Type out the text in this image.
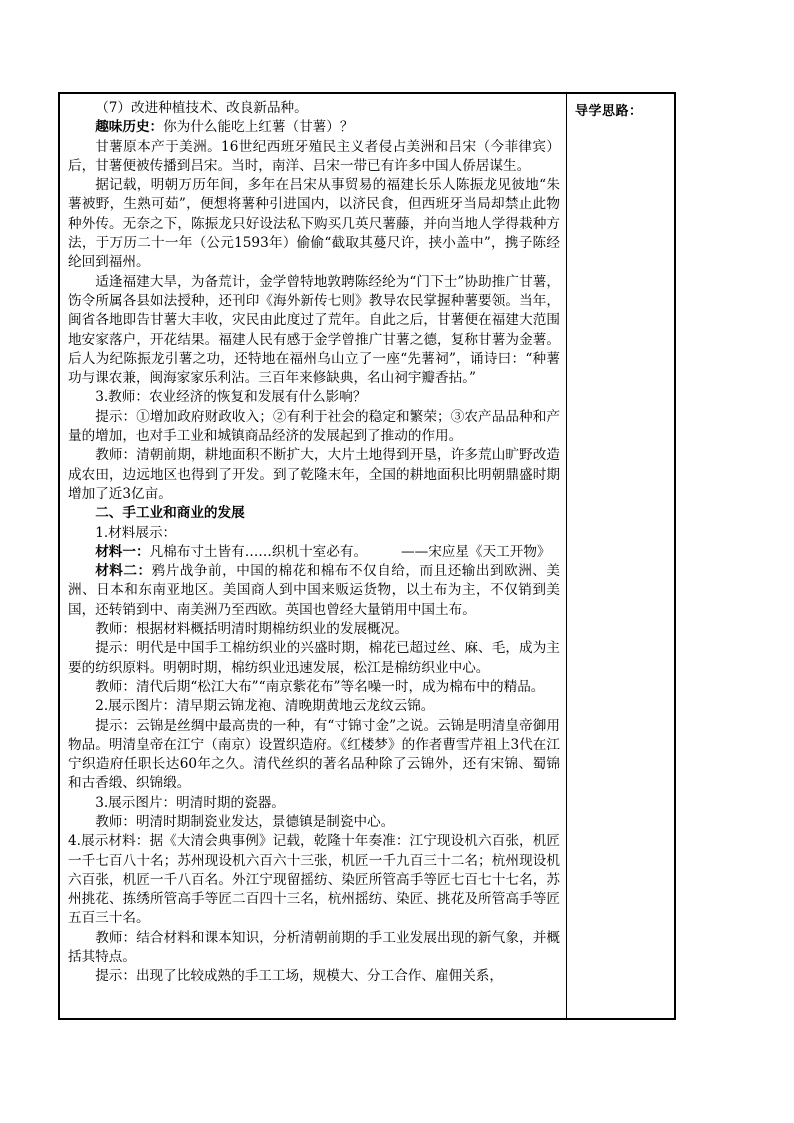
（7）改进种植技术、改良新品种。

趣味历史：你为什么能吃上红薯（甘薯）？

甘薯原本产于美洲。16世纪西班牙殖民主义者侵占美洲和吕宋（今菲律宾）后，甘薯便被传播到吕宋。当时，南洋、吕宋一带已有许多中国人侨居谋生。

据记载，明朝万历年间，多年在吕宋从事贸易的福建长乐人陈振龙见彼地“朱薯被野，生熟可茹”，便想将薯种引进国内，以济民食，但西班牙当局却禁止此物种外传。无奈之下，陈振龙只好设法私下购买几英尺薯藤，并向当地人学得栽种方法，于万历二十一年（公元1593年）偷偷“截取其蔓尺许，挟小盖中”，携子陈经纶回到福州。

适逢福建大旱，为备荒计，金学曾特地敦聘陈经纶为“门下士”协助推广甘薯，饬令所属各县如法授种，还刊印《海外新传七则》教导农民掌握种薯要领。当年，闽省各地即告甘薯大丰收，灾民由此度过了荒年。自此之后，甘薯便在福建大范围地安家落户，开花结果。福建人民有感于金学曾推广甘薯之德，复称甘薯为金薯。后人为纪陈振龙引薯之功，还特地在福州乌山立了一座“先薯祠”，诵诗曰：“种薯功与课农兼，闽海家家乐利沾。三百年来修缺典，名山祠宇瓣香拈。”

3.教师：农业经济的恢复和发展有什么影响？

提示：①增加政府财政收入；②有利于社会的稳定和繁荣；③农产品品种和产量的增加，也对手工业和城镇商品经济的发展起到了推动的作用。

教师：清朝前期，耕地面积不断扩大，大片土地得到开垦，许多荒山旷野改造成农田，边远地区也得到了开发。到了乾隆末年，全国的耕地面积比明朝鼎盛时期增加了近3亿亩。

二、手工业和商业的发展

1.材料展示：

材料一：凡棉布寸土皆有……织机十室必有。　　　——宋应星《天工开物》

材料二：鸦片战争前，中国的棉花和棉布不仅自给，而且还输出到欧洲、美洲、日本和东南亚地区。美国商人到中国来贩运货物，以土布为主，不仅销到美国，还转销到中、南美洲乃至西欧。英国也曾经大量销用中国土布。

教师：根据材料概括明清时期棉纺织业的发展概况。

提示：明代是中国手工棉纺织业的兴盛时期，棉花已超过丝、麻、毛，成为主要的纺织原料。明朝时期，棉纺织业迅速发展，松江是棉纺织业中心。

教师：清代后期“松江大布”“南京紫花布”等名噪一时，成为棉布中的精品。

2.展示图片：清早期云锦龙袍、清晚期黄地云龙纹云锦。

提示：云锦是丝绸中最高贵的一种，有“寸锦寸金”之说。云锦是明清皇帝御用物品。明清皇帝在江宁（南京）设置织造府。《红楼梦》的作者曹雪芹祖上3代在江宁织造府任职长达60年之久。清代丝织的著名品种除了云锦外，还有宋锦、蜀锦和古香缎、织锦缎。

3.展示图片：明清时期的瓷器。

教师：明清时期制瓷业发达，景德镇是制瓷中心。

4.展示材料：据《大清会典事例》记载，乾隆十年奏准：江宁现设机六百张，机匠一千七百八十名；苏州现设机六百六十三张，机匠一千九百三十二名；杭州现设机六百张，机匠一千八百名。外江宁现留摇纺、染匠所管高手等匠七百七十七名，苏州挑花、拣绣所管高手等匠二百四十三名，杭州摇纺、染匠、挑花及所管高手等匠五百三十名。

教师：结合材料和课本知识，分析清朝前期的手工业发展出现的新气象，并概括其特点。

提示：出现了比较成熟的手工工场，规模大、分工合作、雇佣关系，

导学思路：
